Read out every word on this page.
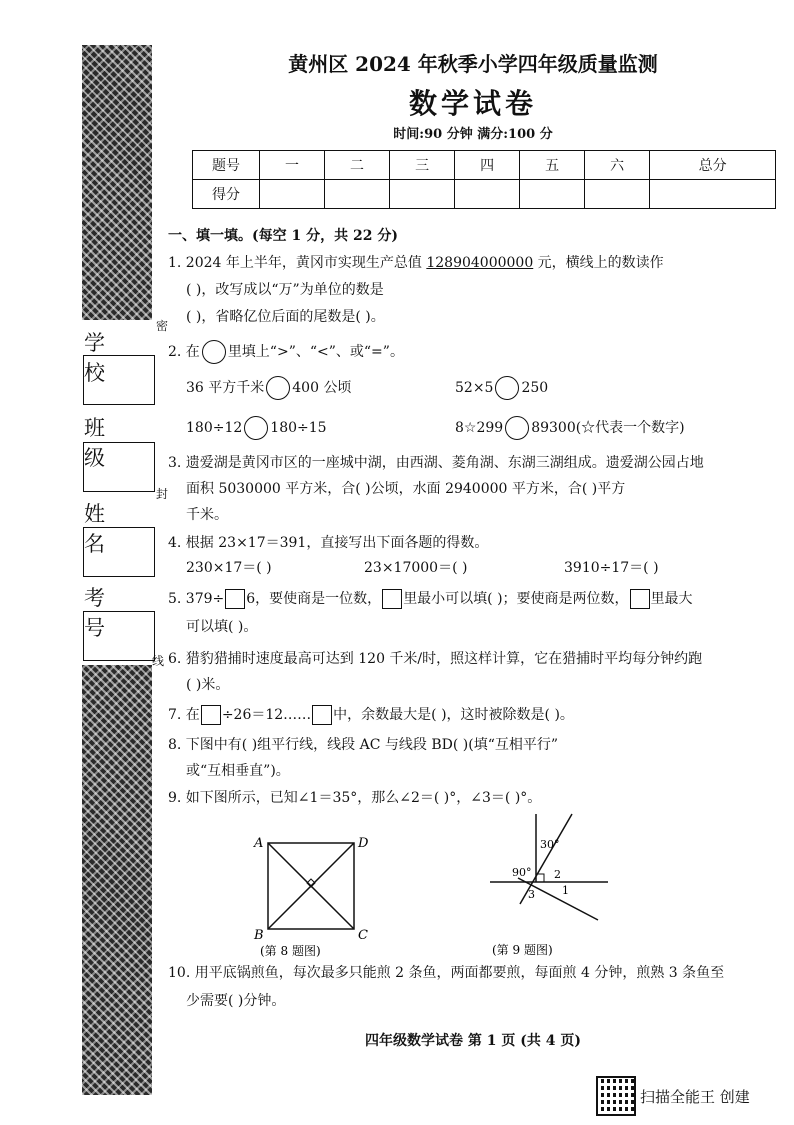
学 校
班 级
姓 名
考 号
密
封
线
黄州区 2024 年秋季小学四年级质量监测
数学试卷
时间:90 分钟 满分:100 分
题号	一	二	三	四	五	六	总分
得分							
一、填一填。(每空 1 分，共 22 分)
1. 2024 年上半年，黄冈市实现生产总值 128904000000 元，横线上的数读作
( )，改写成以“万”为单位的数是
( )，省略亿位后面的尾数是( )。
2. 在 里填上“>”、“<”、或“=”。
36 平方千米 400 公顷	52×5 250
180÷12 180÷15	8☆299 89300(☆代表一个数字)
3. 遗爱湖是黄冈市区的一座城中湖，由西湖、菱角湖、东湖三湖组成。遗爱湖公园占地
面积 5030000 平方米，合( )公顷，水面 2940000 平方米，合( )平方
千米。
4. 根据 23×17＝391，直接写出下面各题的得数。
230×17＝( )	23×17000＝( )	3910÷17＝( )
5. 379÷ 6，要使商是一位数， 里最小可以填( )；要使商是两位数， 里最大
可以填( )。
6. 猎豹猎捕时速度最高可达到 120 千米/时，照这样计算，它在猎捕时平均每分钟约跑
( )米。
7. 在 ÷26＝12…… 中，余数最大是( )，这时被除数是( )。
8. 下图中有( )组平行线，线段 AC 与线段 BD( )(填“互相平行”
或“互相垂直”)。
9. 如下图所示，已知∠1＝35°，那么∠2＝( )°，∠3＝( )°。
A	D
B	C
(第 8 题图)
30°
90° 2
1
3
(第 9 题图)
10. 用平底锅煎鱼，每次最多只能煎 2 条鱼，两面都要煎，每面煎 4 分钟，煎熟 3 条鱼至
少需要( )分钟。
四年级数学试卷 第 1 页 (共 4 页)
扫描全能王 创建
